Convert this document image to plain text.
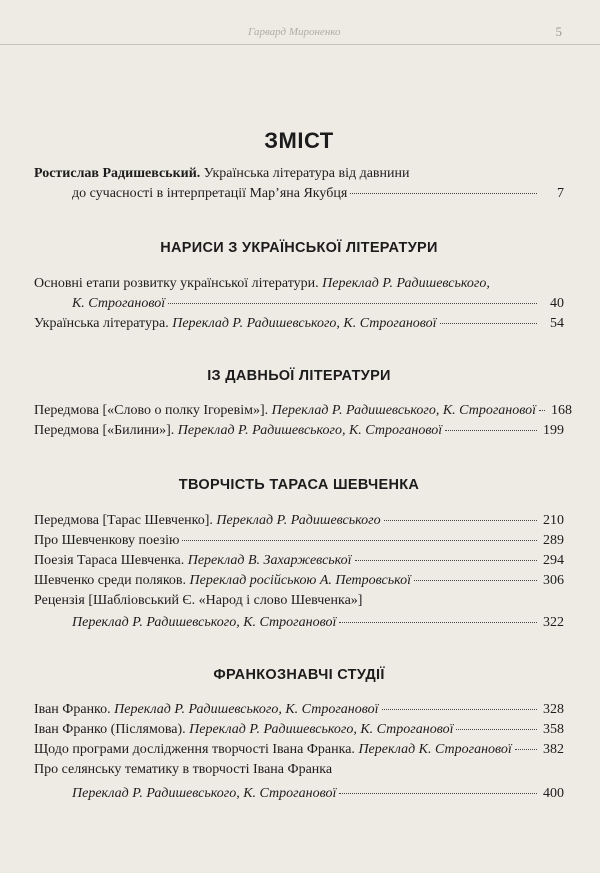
Гарвард Мироненко	5
ЗМІСТ
Ростислав Радишевський.
Українська література від давнини
до сучасності в інтерпретації Мар’яна Якубця	7
НАРИСИ З УКРАЇНСЬКОЇ ЛІТЕРАТУРИ
Основні етапи розвитку української літератури.
Переклад Р. Радишевського,
К. Строганової	40
Українська література.
Переклад Р. Радишевського, К. Строганової	54
ІЗ ДАВНЬОЇ ЛІТЕРАТУРИ
Передмова [«Слово о полку Ігоревім»].
Переклад Р. Радишевського, К. Строганової 168
Передмова [«Билини»].
Переклад Р. Радишевського, К. Строганової	199
ТВОРЧІСТЬ ТАРАСА ШЕВЧЕНКА
Передмова [Тарас Шевченко].
Переклад Р. Радишевського	210
Про Шевченкову поезію	289
Поезія Тараса Шевченка.
Переклад В. Захаржевської	294
Шевченко среди поляков.
Переклад російською А. Петровської	306
Рецензія [Шабліовський Є. «Народ і слово Шевченка»]
Переклад Р. Радишевського, К. Строганової	322
ФРАНКОЗНАВЧІ СТУДІЇ
Іван Франко.
Переклад Р. Радишевського, К. Строганової	328
Іван Франко (Післямова).
Переклад Р. Радишевського, К. Строганової	358
Щодо програми дослідження творчості Івана Франка.
Переклад К. Строганової 382
Про селянську тематику в творчості Івана Франка
Переклад Р. Радишевського, К. Строганової	400
